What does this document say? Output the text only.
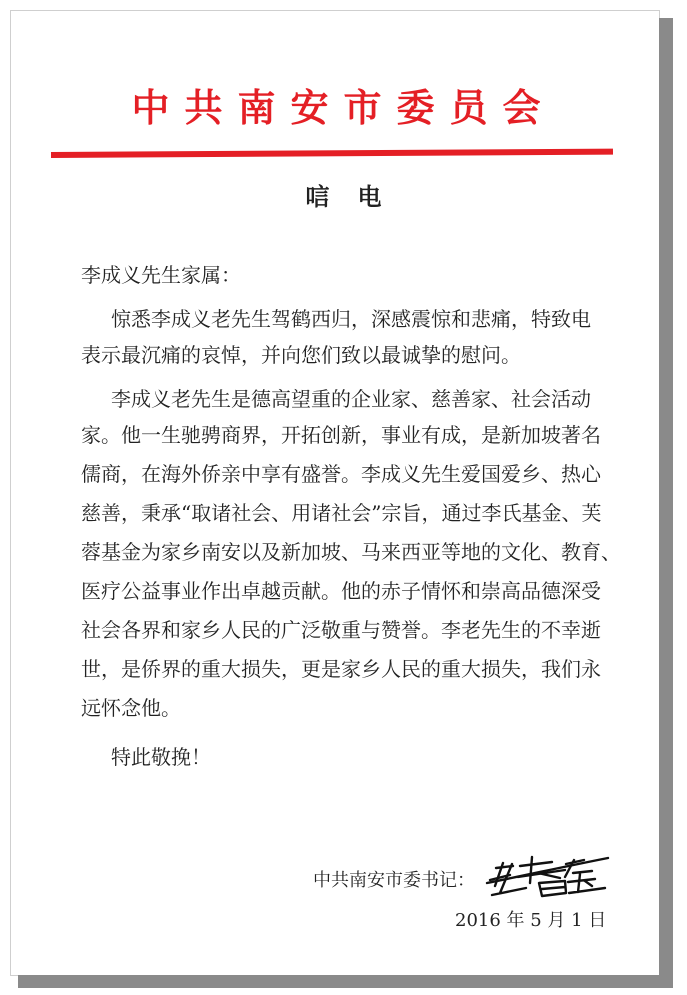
中共南安市委员会
唁电
李成义先生家属：
惊悉李成义老先生驾鹤西归，深感震惊和悲痛，特致电
表示最沉痛的哀悼，并向您们致以最诚挚的慰问。
李成义老先生是德高望重的企业家、慈善家、社会活动
家。他一生驰骋商界，开拓创新，事业有成，是新加坡著名
儒商，在海外侨亲中享有盛誉。李成义先生爱国爱乡、热心
慈善，秉承“取诸社会、用诸社会”宗旨，通过李氏基金、芙
蓉基金为家乡南安以及新加坡、马来西亚等地的文化、教育、
医疗公益事业作出卓越贡献。他的赤子情怀和崇高品德深受
社会各界和家乡人民的广泛敬重与赞誉。李老先生的不幸逝
世，是侨界的重大损失，更是家乡人民的重大损失，我们永
远怀念他。
特此敬挽！
中共南安市委书记：
2016 年 5 月 1 日
